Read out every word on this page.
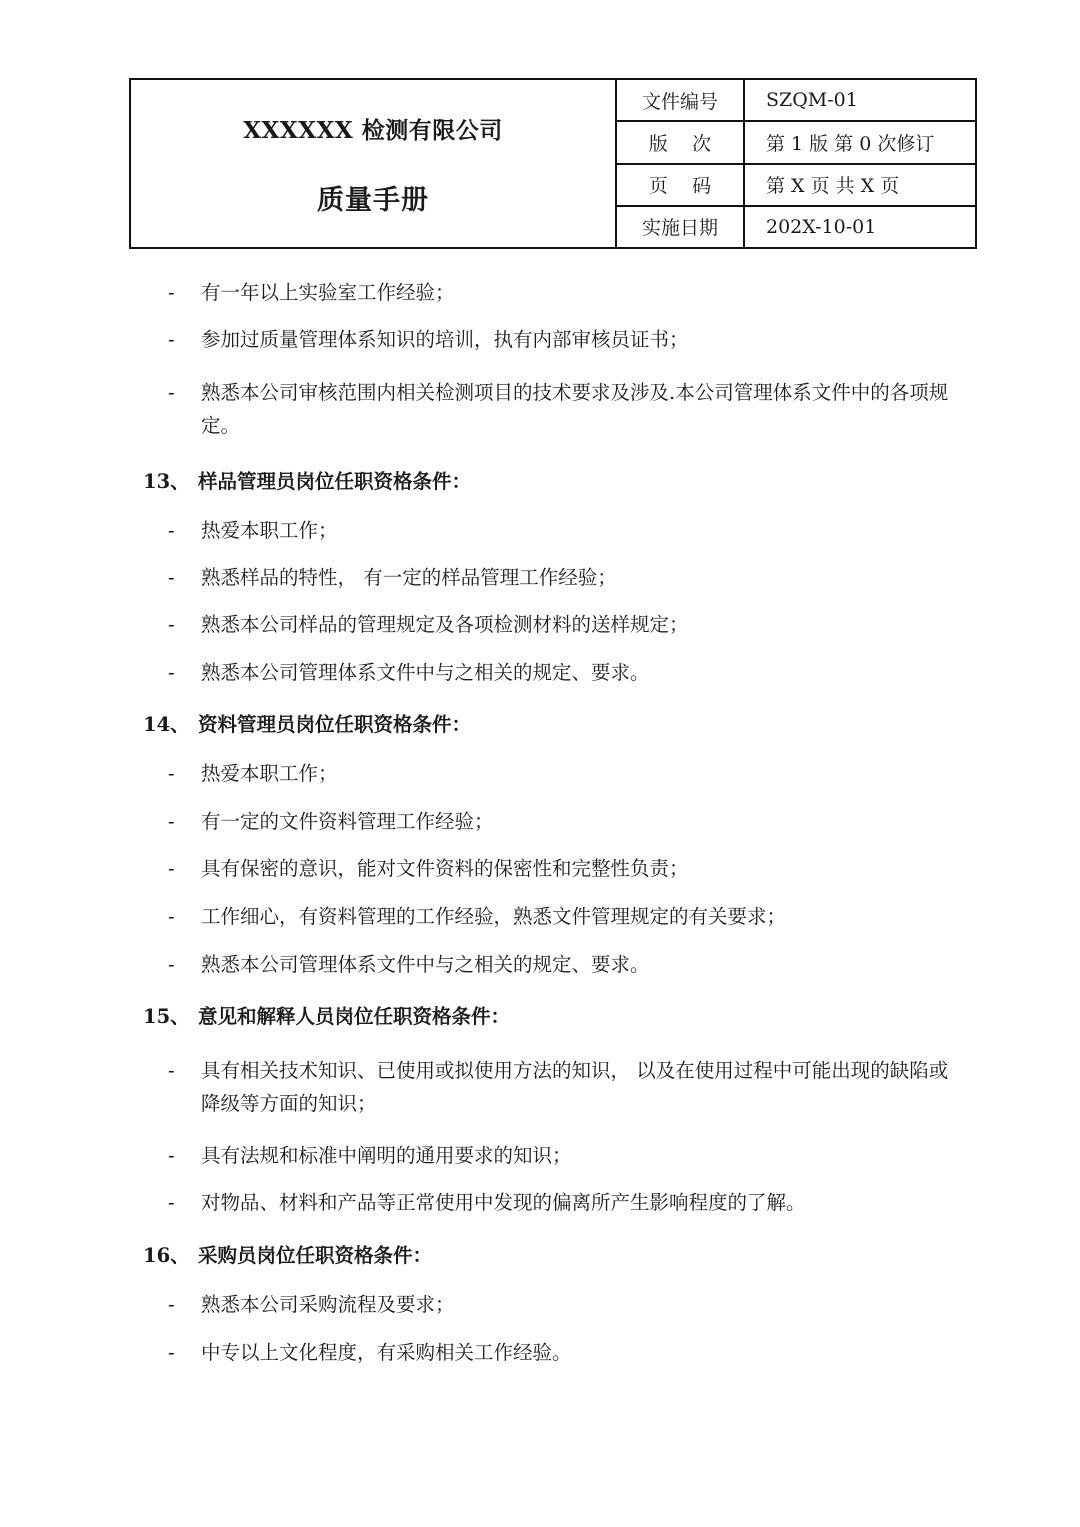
XXXXXX 检测有限公司
质量手册
文件编号	SZQM-01
版    次	第 1 版 第 0 次修订
页    码	第 X 页 共 X 页
实施日期	202X-10-01
- 有一年以上实验室工作经验；
- 参加过质量管理体系知识的培训，执有内部审核员证书；
- 熟悉本公司审核范围内相关检测项目的技术要求及涉及.本公司管理体系文件中的各项规定。
13、 样品管理员岗位任职资格条件：
- 热爱本职工作；
- 熟悉样品的特性， 有一定的样品管理工作经验；
- 熟悉本公司样品的管理规定及各项检测材料的送样规定；
- 熟悉本公司管理体系文件中与之相关的规定、要求。
14、 资料管理员岗位任职资格条件：
- 热爱本职工作；
- 有一定的文件资料管理工作经验；
- 具有保密的意识，能对文件资料的保密性和完整性负责；
- 工作细心，有资料管理的工作经验，熟悉文件管理规定的有关要求；
- 熟悉本公司管理体系文件中与之相关的规定、要求。
15、 意见和解释人员岗位任职资格条件：
- 具有相关技术知识、已使用或拟使用方法的知识， 以及在使用过程中可能出现的缺陷或降级等方面的知识；
- 具有法规和标准中阐明的通用要求的知识；
- 对物品、材料和产品等正常使用中发现的偏离所产生影响程度的了解。
16、 采购员岗位任职资格条件：
- 熟悉本公司采购流程及要求；
- 中专以上文化程度，有采购相关工作经验。
